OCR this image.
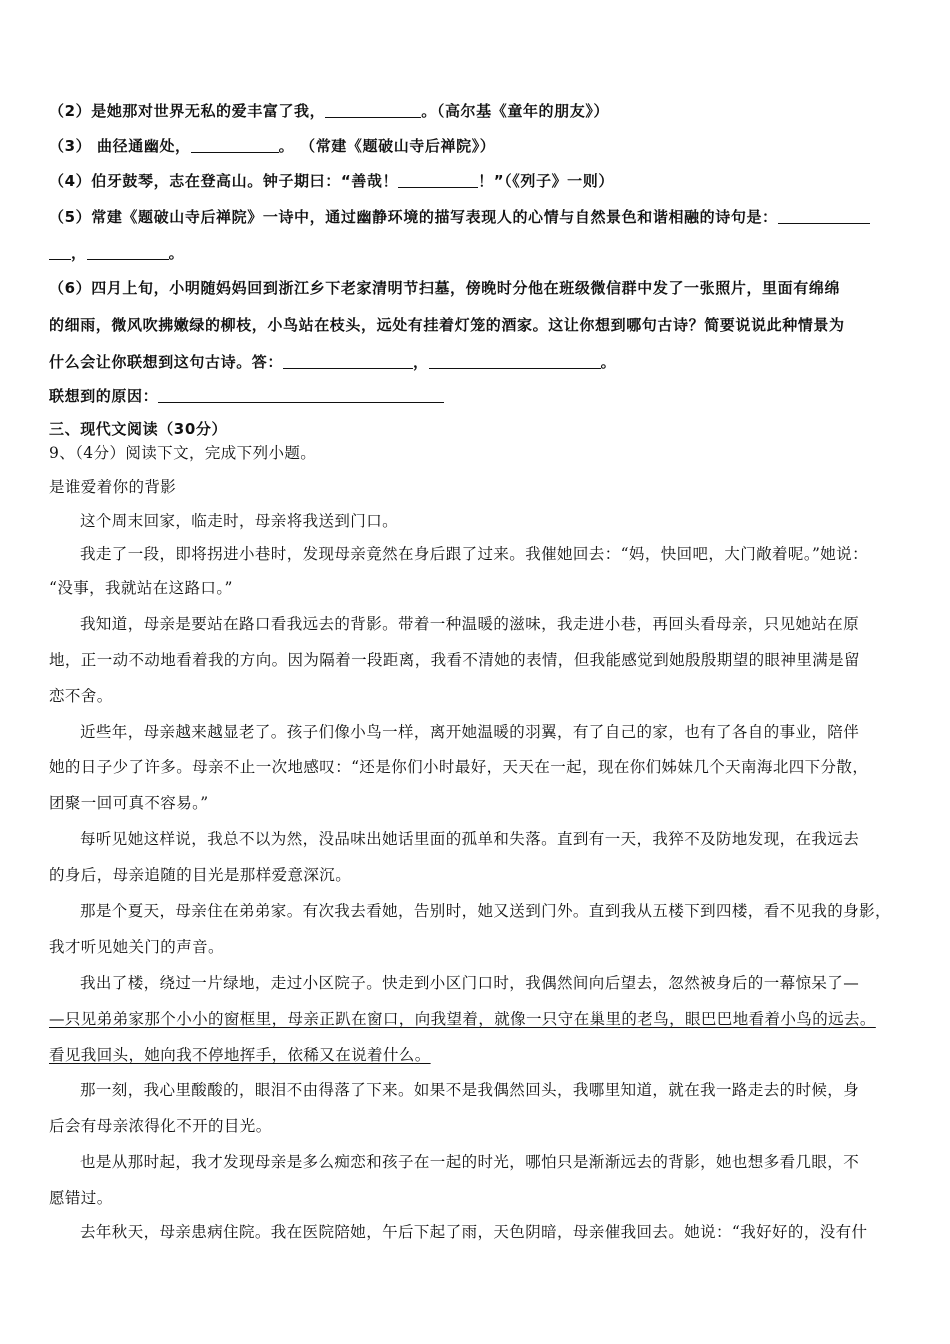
（2）是她那对世界无私的爱丰富了我，	。（高尔基《童年的朋友》）
（3） 曲径通幽处，	。 （常建《题破山寺后禅院》）
（4）伯牙鼓琴，志在登高山。钟子期曰：“善哉！	！”（《列子》一则）
（5）常建《题破山寺后禅院》一诗中，通过幽静环境的描写表现人的心情与自然景色和谐相融的诗句是：
，	。
（6）四月上旬，小明随妈妈回到浙江乡下老家清明节扫墓，傍晚时分他在班级微信群中发了一张照片，里面有绵绵
的细雨，微风吹拂嫩绿的柳枝，小鸟站在枝头，远处有挂着灯笼的酒家。这让你想到哪句古诗？简要说说此种情景为
什么会让你联想到这句古诗。答：	，	。
联想到的原因：
三、现代文阅读（30分）
9、（4分）阅读下文，完成下列小题。
是谁爱着你的背影
这个周末回家，临走时，母亲将我送到门口。
我走了一段，即将拐进小巷时，发现母亲竟然在身后跟了过来。我催她回去：“妈，快回吧，大门敞着呢。”她说：
“没事，我就站在这路口。”
我知道，母亲是要站在路口看我远去的背影。带着一种温暖的滋味，我走进小巷，再回头看母亲，只见她站在原
地，正一动不动地看着我的方向。因为隔着一段距离，我看不清她的表情，但我能感觉到她殷殷期望的眼神里满是留
恋不舍。
近些年，母亲越来越显老了。孩子们像小鸟一样，离开她温暖的羽翼，有了自己的家，也有了各自的事业，陪伴
她的日子少了许多。母亲不止一次地感叹：“还是你们小时最好，天天在一起，现在你们姊妹几个天南海北四下分散，
团聚一回可真不容易。”
每听见她这样说，我总不以为然，没品味出她话里面的孤单和失落。直到有一天，我猝不及防地发现，在我远去
的身后，母亲追随的目光是那样爱意深沉。
那是个夏天，母亲住在弟弟家。有次我去看她，告别时，她又送到门外。直到我从五楼下到四楼，看不见我的身影，
我才听见她关门的声音。
我出了楼，绕过一片绿地，走过小区院子。快走到小区门口时，我偶然间向后望去，忽然被身后的一幕惊呆了—
—只见弟弟家那个小小的窗框里，母亲正趴在窗口，向我望着，就像一只守在巢里的老鸟，眼巴巴地看着小鸟的远去。
看见我回头，她向我不停地挥手，依稀又在说着什么。
那一刻，我心里酸酸的，眼泪不由得落了下来。如果不是我偶然回头，我哪里知道，就在我一路走去的时候，身
后会有母亲浓得化不开的目光。
也是从那时起，我才发现母亲是多么痴恋和孩子在一起的时光，哪怕只是渐渐远去的背影，她也想多看几眼，不
愿错过。
去年秋天，母亲患病住院。我在医院陪她，午后下起了雨，天色阴暗，母亲催我回去。她说：“我好好的，没有什
